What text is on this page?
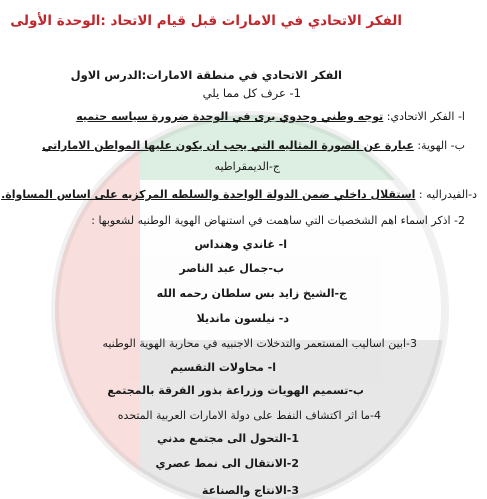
الفكر الاتحادي في الامارات قبل قيام الاتحاد :الوحدة الأولى
الفكر الاتحادي في منطقة الامارات:الدرس الاول
1- عرف كل مما يلي
ا- الفكر الاتحادي: توجه وطني وحدوي يرى في الوحدة ضرورة سياسه حتميه
ب- الهوية: عبارة عن الصورة المثاليه التي يجب ان يكون عليها المواطن الاماراتي
ج-الديمقراطيه
د-الفيدراليه : استقلال داخلي ضمن الدولة الواحدة والسلطه المركزيه على اساس المساواة.
2- اذكر اسماء اهم الشخصيات التي ساهمت في استنهاض الهوية الوطنيه لشعوبها :
ا- غاندي وهنداس
ب-جمال عبد الناصر
ج-الشيخ زايد بس سلطان رحمه الله
د- نيلسون مانديلا
3-ابين اساليب المستعمر والتدخلات الاجنبيه في محاربة الهوية الوطنيه
ا- محاولات التقسيم
ب-تسميم الهويات وزراعة بذور الفرقة بالمجتمع
4-ما اثر اكتشاف النفط على دولة الامارات العربية المتحده
1-التحول الى مجتمع مدني
2-الانتقال الى نمط عصري
3-الانتاج والصناعة
